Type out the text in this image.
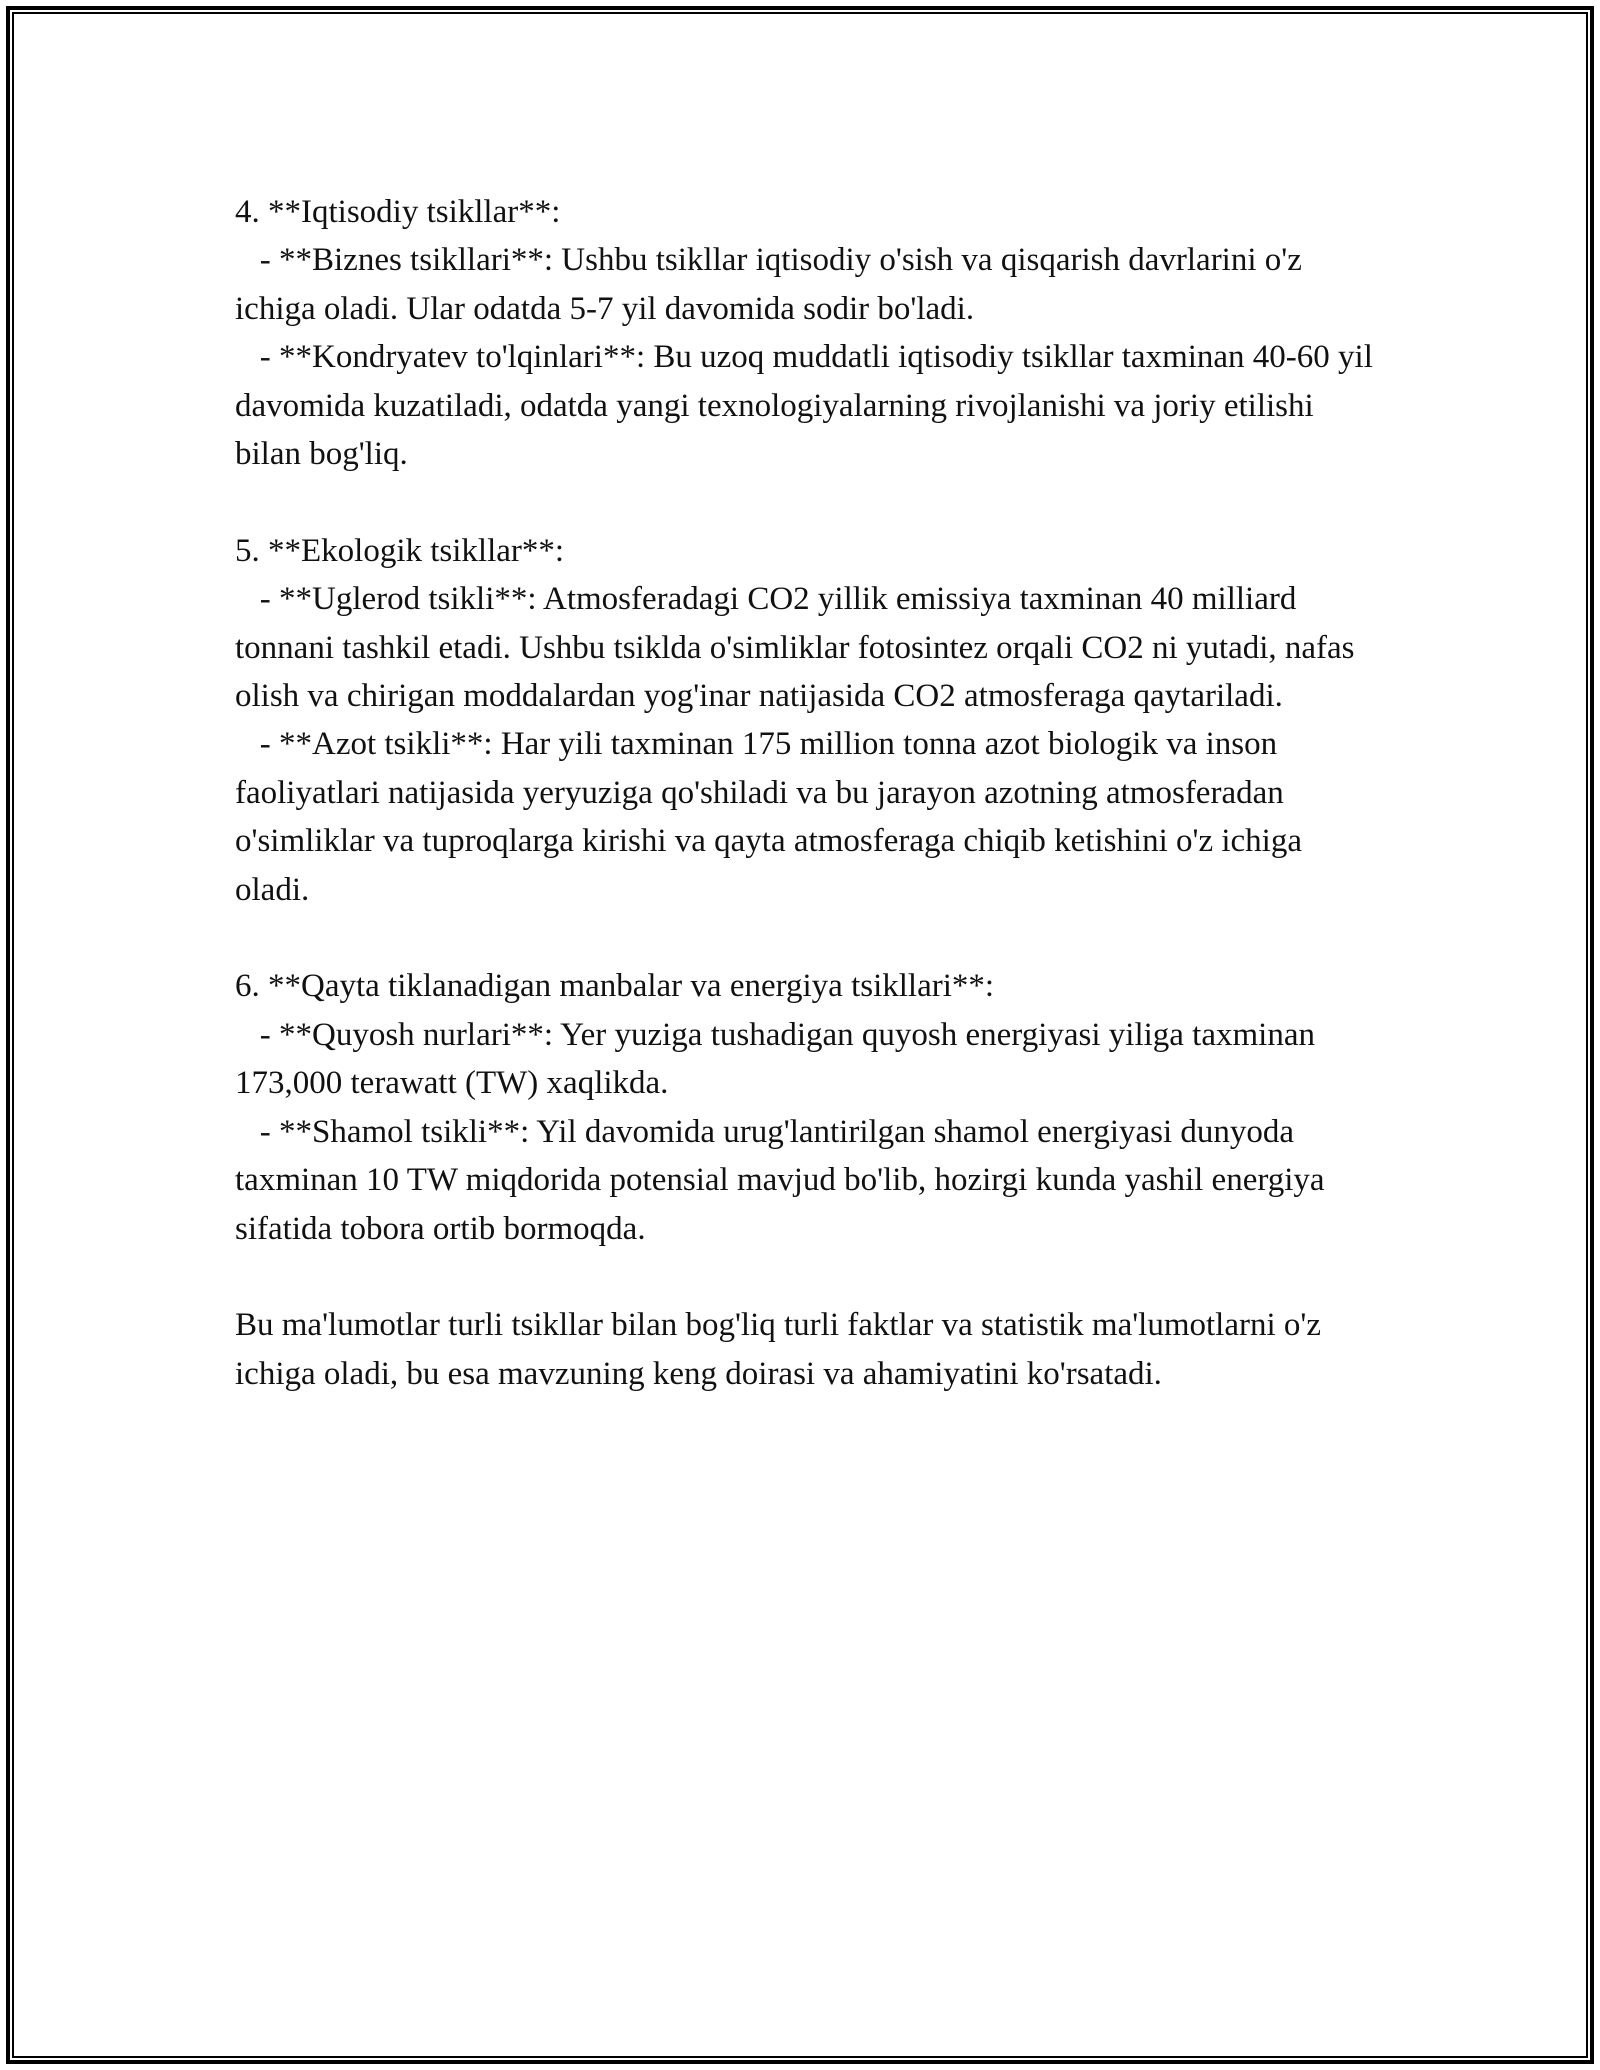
4. **Iqtisodiy tsikllar**:

- **Biznes tsikllari**: Ushbu tsikllar iqtisodiy o'sish va qisqarish davrlarini o'z ichiga oladi. Ular odatda 5-7 yil davomida sodir bo'ladi.

- **Kondryatev to'lqinlari**: Bu uzoq muddatli iqtisodiy tsikllar taxminan 40-60 yil davomida kuzatiladi, odatda yangi texnologiyalarning rivojlanishi va joriy etilishi bilan bog'liq.

5. **Ekologik tsikllar**:

- **Uglerod tsikli**: Atmosferadagi CO2 yillik emissiya taxminan 40 milliard tonnani tashkil etadi. Ushbu tsiklda o'simliklar fotosintez orqali CO2 ni yutadi, nafas olish va chirigan moddalardan yog'inar natijasida CO2 atmosferaga qaytariladi.

- **Azot tsikli**: Har yili taxminan 175 million tonna azot biologik va inson faoliyatlari natijasida yeryuziga qo'shiladi va bu jarayon azotning atmosferadan o'simliklar va tuproqlarga kirishi va qayta atmosferaga chiqib ketishini o'z ichiga oladi.

6. **Qayta tiklanadigan manbalar va energiya tsikllari**:

- **Quyosh nurlari**: Yer yuziga tushadigan quyosh energiyasi yiliga taxminan 173,000 terawatt (TW) xaqlikda.

- **Shamol tsikli**: Yil davomida urug'lantirilgan shamol energiyasi dunyoda taxminan 10 TW miqdorida potensial mavjud bo'lib, hozirgi kunda yashil energiya sifatida tobora ortib bormoqda.

Bu ma'lumotlar turli tsikllar bilan bog'liq turli faktlar va statistik ma'lumotlarni o'z ichiga oladi, bu esa mavzuning keng doirasi va ahamiyatini ko'rsatadi.
